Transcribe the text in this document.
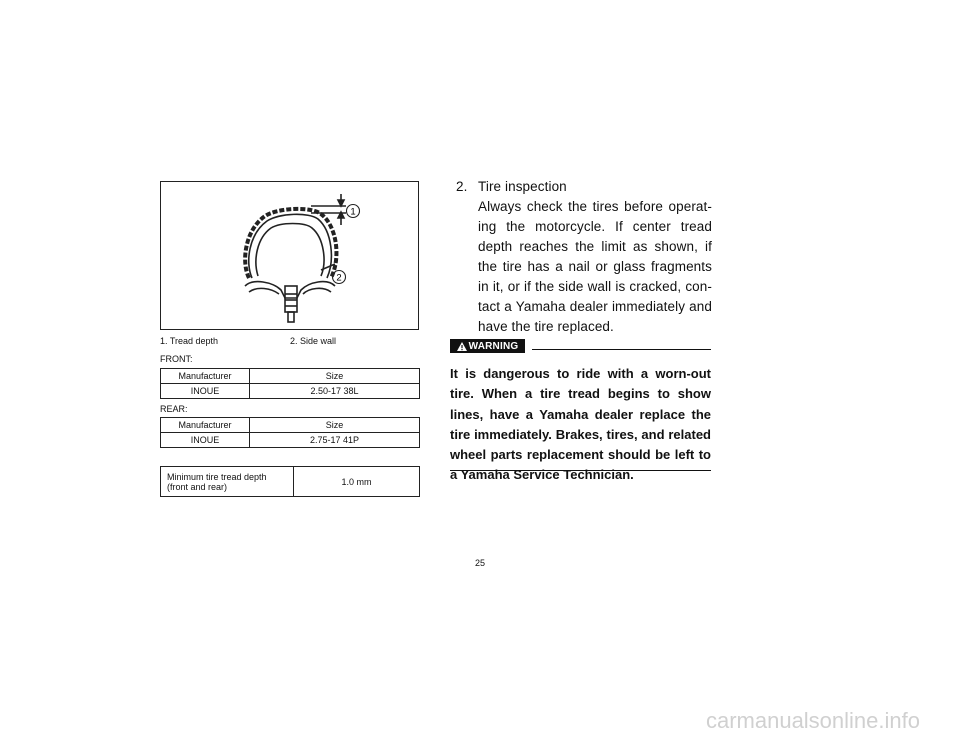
1
2
1. Tread depth	2. Side wall
FRONT:
Manufacturer	Size
INOUE	2.50-17 38L
REAR:
Manufacturer	Size
INOUE	2.75-17 41P
Minimum tire tread depth
(front and rear)	1.0 mm
2. Tire inspection
Always check the tires before operat-ing the motorcycle. If center tread depth reaches the limit as shown, if the tire has a nail or glass fragments in it, or if the side wall is cracked, con-tact a Yamaha dealer immediately and have the tire replaced.
WARNING
It is dangerous to ride with a worn-out tire. When a tire tread begins to show lines, have a Yamaha dealer replace the tire immediately. Brakes, tires, and related wheel parts replacement should be left to a Yamaha Service Technician.
25
carmanualsonline.info
